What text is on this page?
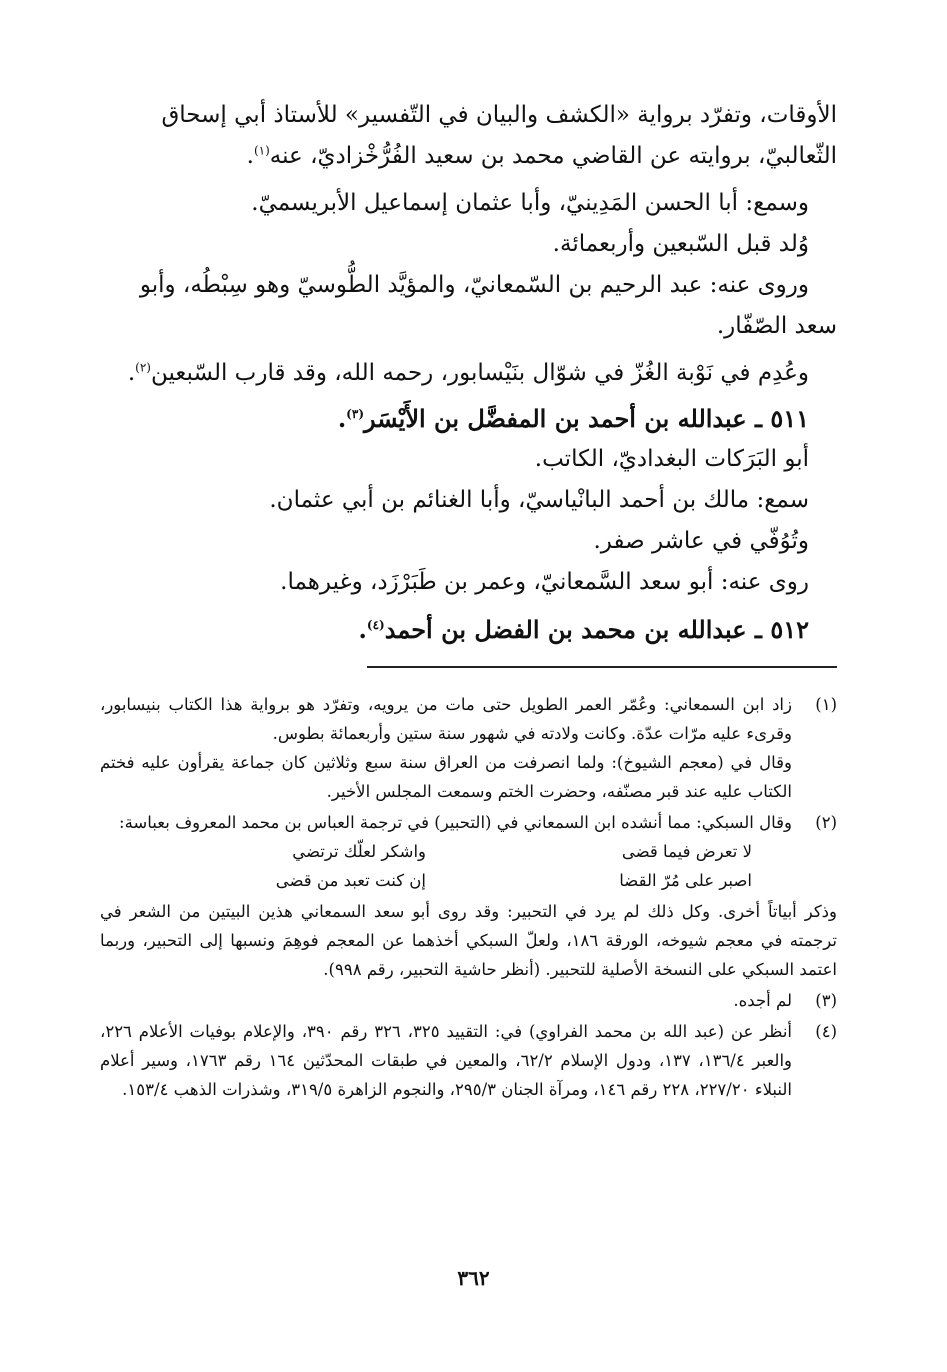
الأوقات، وتفرّد برواية «الكشف والبيان في التّفسير» للأستاذ أبي إسحاق

الثّعالبيّ، بروايته عن القاضي محمد بن سعيد الفُرُّخْزاديّ، عنه$^{(١)}$.

وسمع: أبا الحسن المَدِينيّ، وأبا عثمان إسماعيل الأبريسميّ.

وُلد قبل السّبعين وأربعمائة.

وروى عنه: عبد الرحيم بن السّمعانيّ، والمؤيَّد الطُّوسيّ وهو سِبْطُه، وأبو

سعد الصّفّار.

وعُدِم في نَوْبة الغُزّ في شوّال بنَيْسابور، رحمه الله، وقد قارب السّبعين$^{(٢)}$.

٥١١ ـ عبدالله بن أحمد بن المفضَّل بن الأَيْسَر$^{(٣)}$.

أبو البَرَكات البغداديّ، الكاتب.

سمع: مالك بن أحمد البانْياسيّ، وأبا الغنائم بن أبي عثمان.

وتُوُفّي في عاشر صفر.

روى عنه: أبو سعد السَّمعانيّ، وعمر بن طَبَرْزَد، وغيرهما.

٥١٢ ـ عبدالله بن محمد بن الفضل بن أحمد$^{(٤)}$.

(١)

زاد ابن السمعاني: وعُمّر العمر الطويل حتى مات من يرويه، وتفرّد هو برواية هذا الكتاب بنيسابور، وقرىء عليه مرّات عدّة. وكانت ولادته في شهور سنة ستين وأربعمائة بطوس.

وقال في (معجم الشيوخ): ولما انصرفت من العراق سنة سبع وثلاثين كان جماعة يقرأون عليه فختم الكتاب عليه عند قبر مصنّفه، وحضرت الختم وسمعت المجلس الأخير.

(٢)

وقال السبكي: مما أنشده ابن السمعاني في (التحبير) في ترجمة العباس بن محمد المعروف بعباسة:

لا تعرض فيما قضى
واشكر لعلّك ترتضي
اصبر على مُرّ القضا
إن كنت تعبد من قضى

وذكر أبياتاً أخرى. وكل ذلك لم يرد في التحبير: وقد روى أبو سعد السمعاني هذين البيتين من الشعر في ترجمته في معجم شيوخه، الورقة ١٨٦، ولعلّ السبكي أخذهما عن المعجم فوهِمَ ونسبها إلى التحبير، وربما اعتمد السبكي على النسخة الأصلية للتحبير. (أنظر حاشية التحبير، رقم ٩٩٨).

(٣)

لم أجده.

(٤)

أنظر عن (عبد الله بن محمد الفراوي) في: التقييد ٣٢٥، ٣٢٦ رقم ٣٩٠، والإعلام بوفيات الأعلام ٢٢٦، والعبر ١٣٦/٤، ١٣٧، ودول الإسلام ٦٢/٢، والمعين في طبقات المحدّثين ١٦٤ رقم ١٧٦٣، وسير أعلام النبلاء ٢٢٧/٢٠، ٢٢٨ رقم ١٤٦، ومرآة الجنان ٢٩٥/٣، والنجوم الزاهرة ٣١٩/٥، وشذرات الذهب ١٥٣/٤.

٣٦٢
